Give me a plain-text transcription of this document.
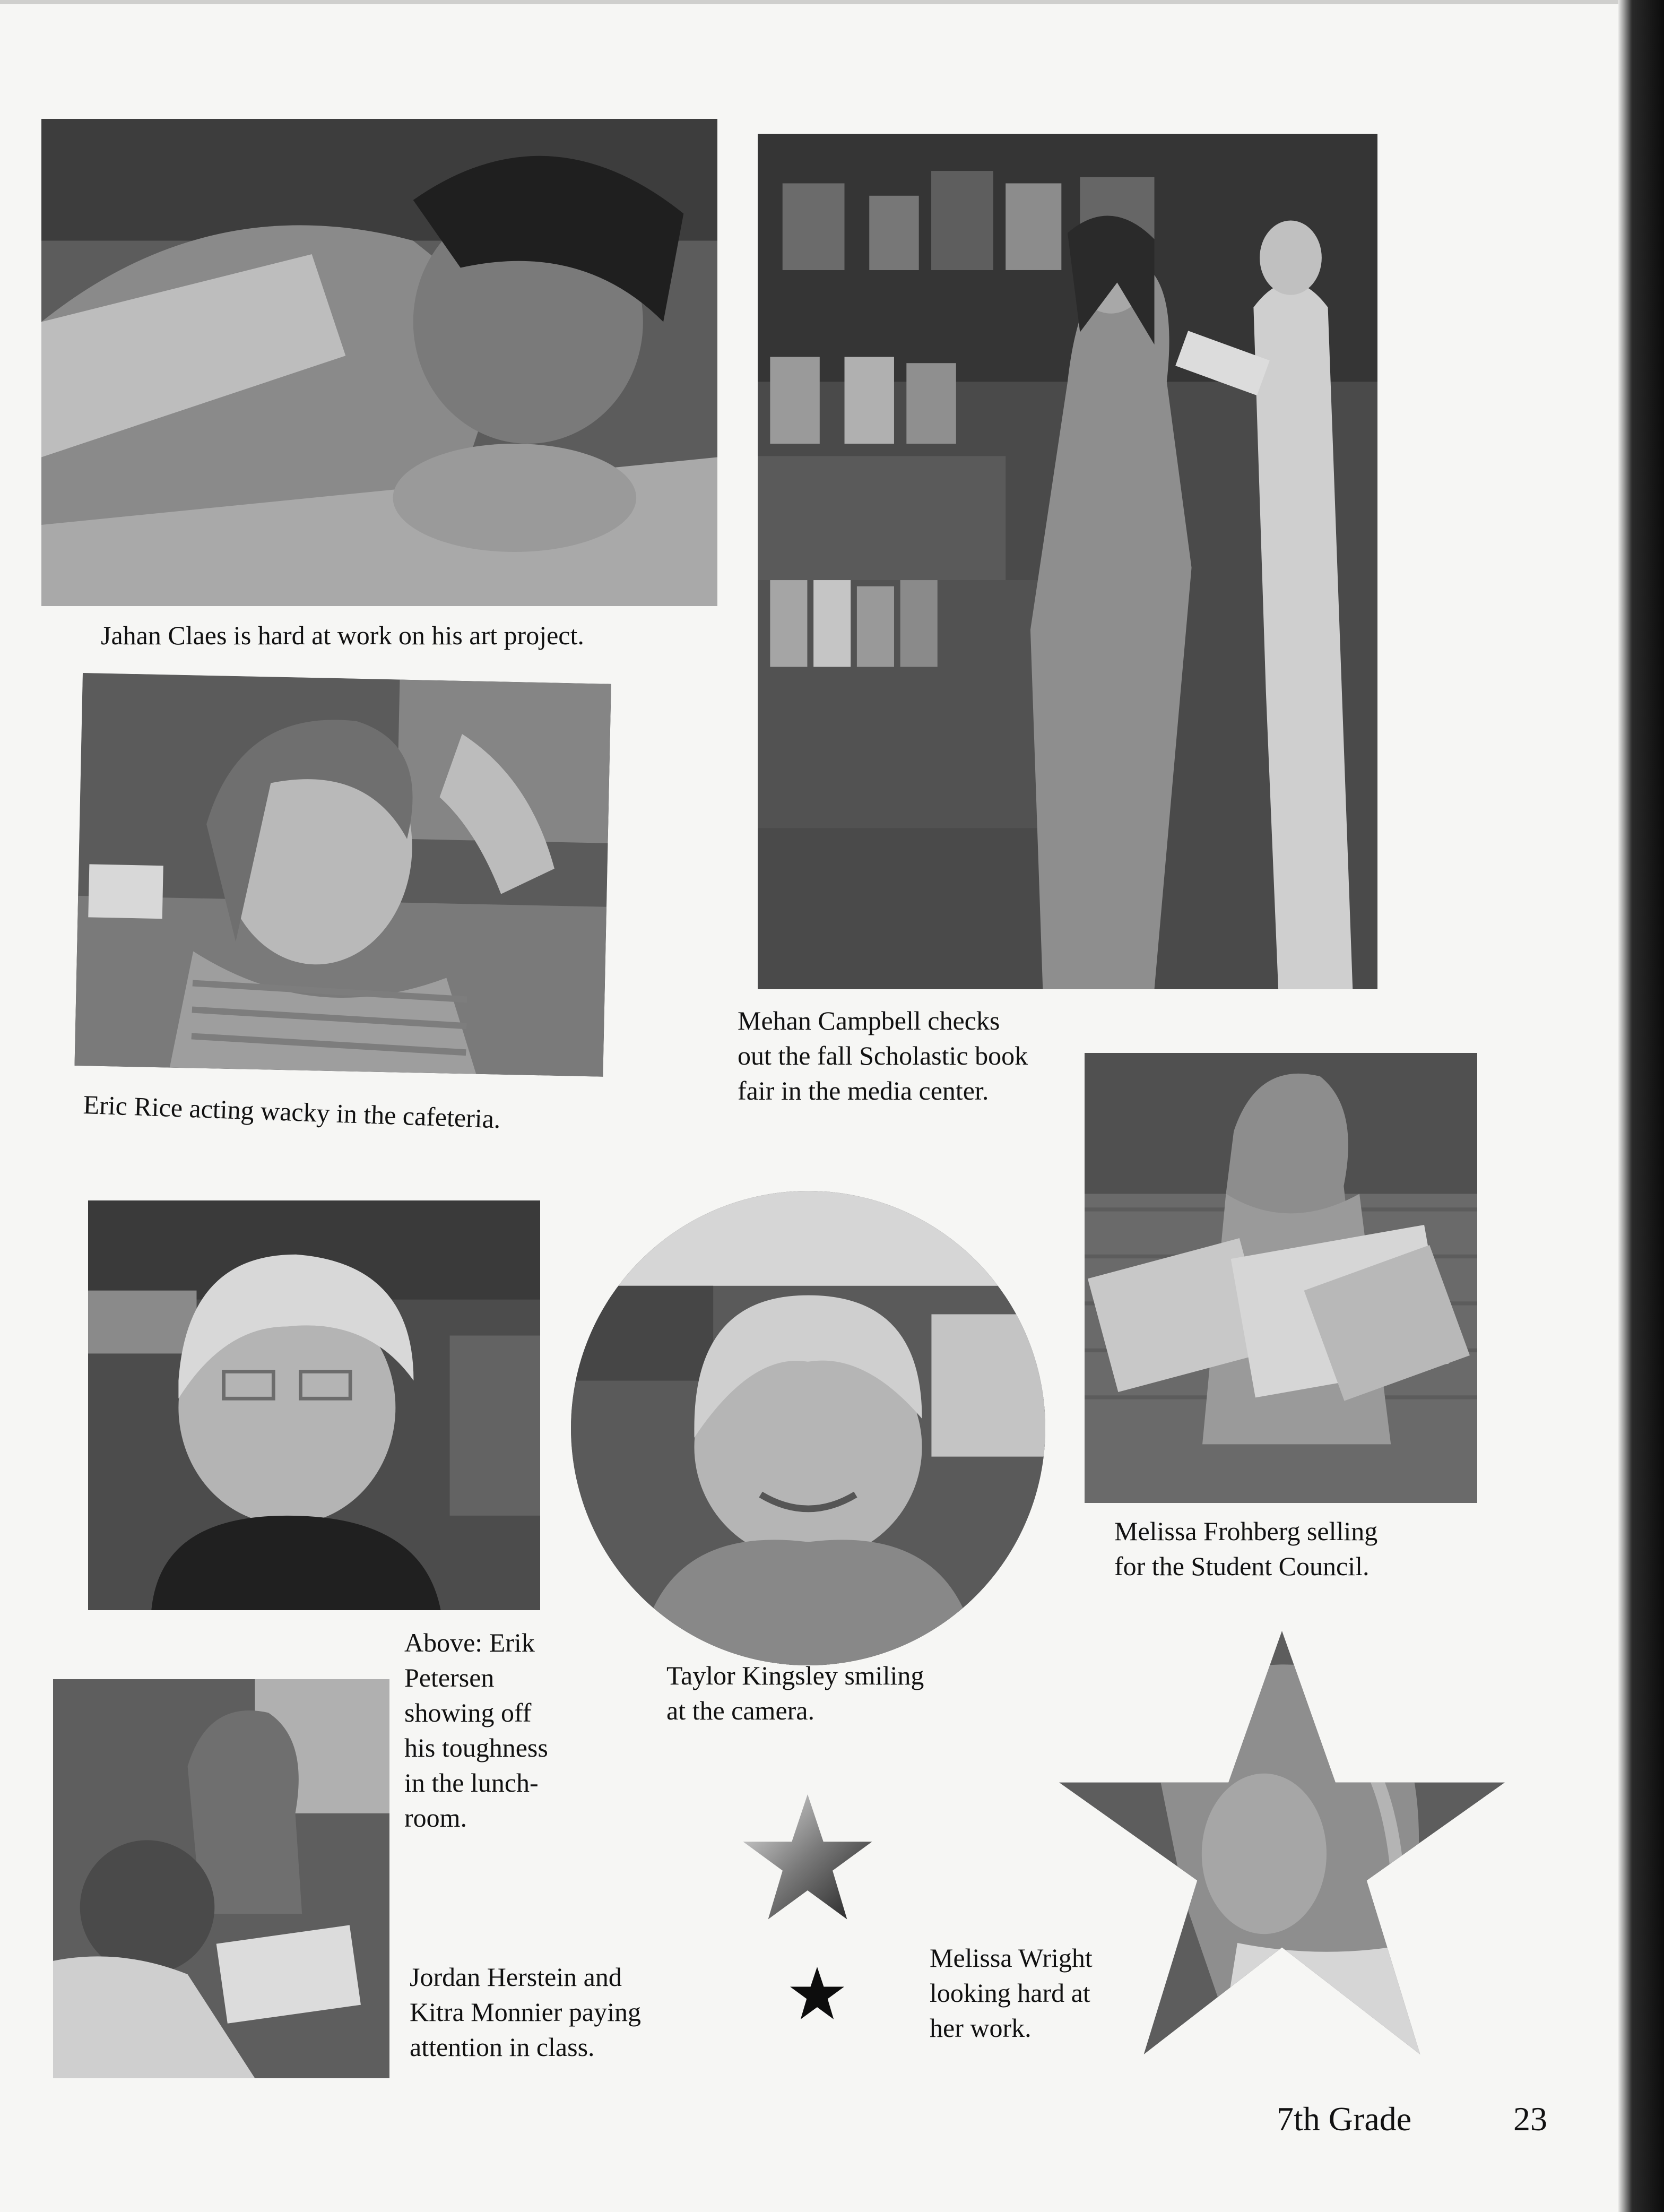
Jahan Claes is hard at work on his art project.
Mehan Campbell checks
out the fall Scholastic book
fair in the media center.
Eric Rice acting wacky in the cafeteria.
Melissa Frohberg selling
for the Student Council.
Above: Erik
Petersen
showing off
his toughness
in the lunch-
room.
Taylor Kingsley smiling
at the camera.
Jordan Herstein and
Kitra Monnier paying
attention in class.
Melissa Wright
looking hard at
her work.
7th Grade	23
